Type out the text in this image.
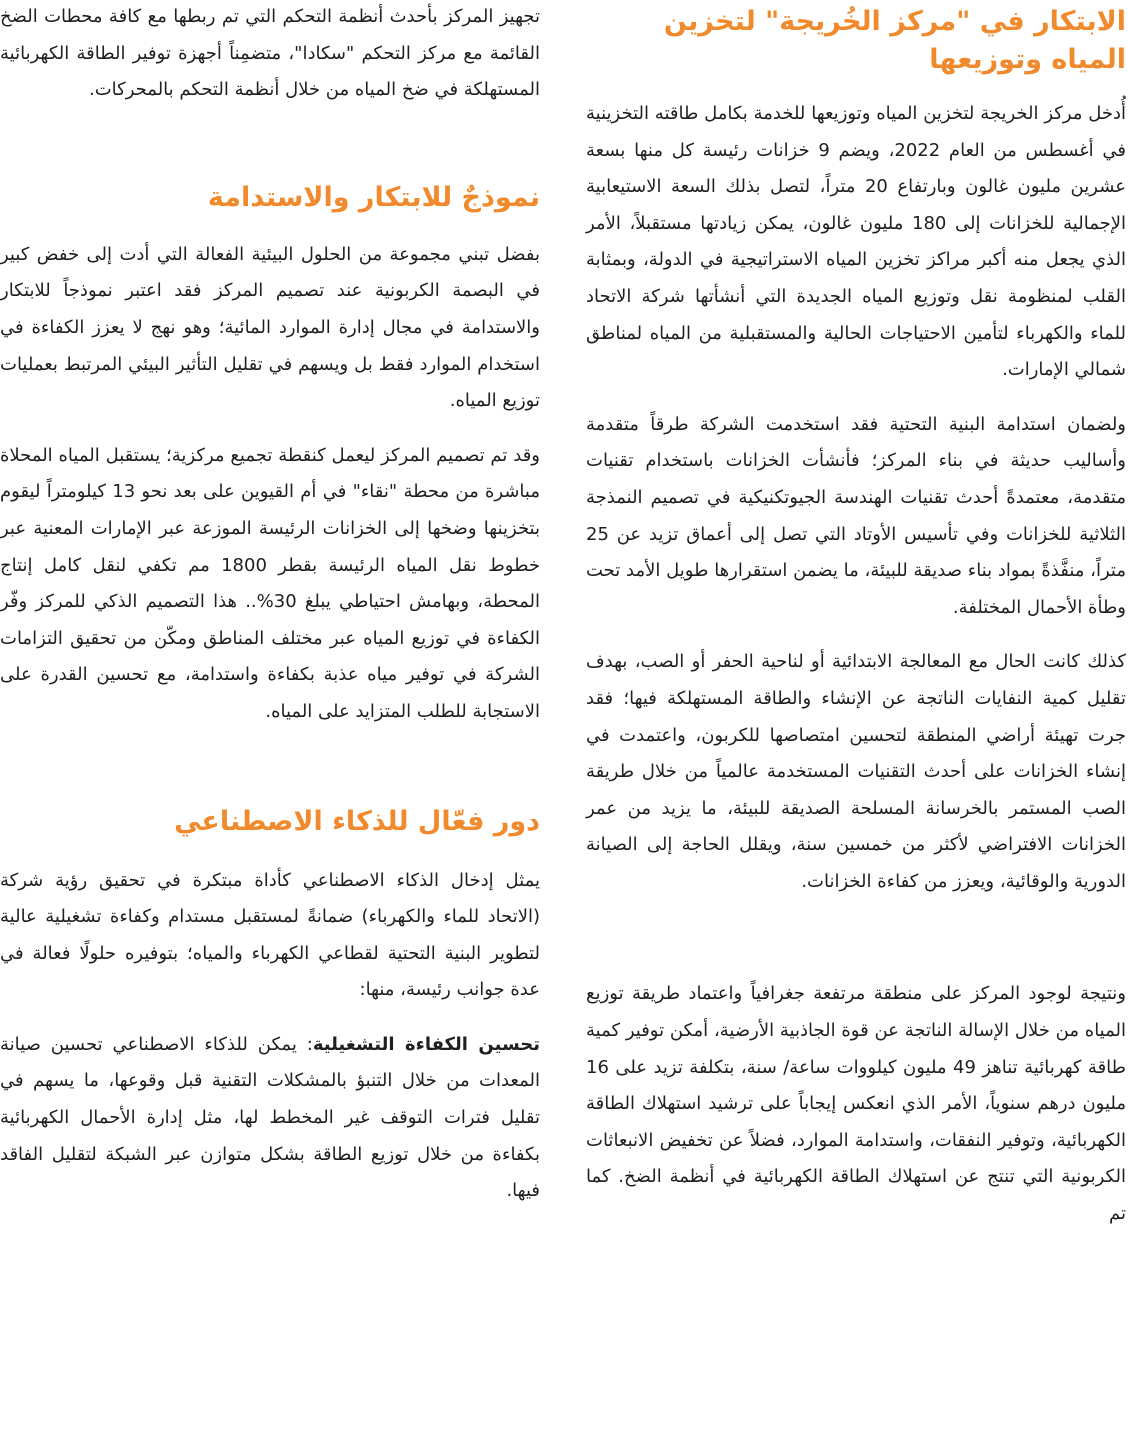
الابتكار في "مركز الخُريجة" لتخزين المياه وتوزيعها

أُدخل مركز الخريجة لتخزين المياه وتوزيعها للخدمة بكامل طاقته التخزينية في أغسطس من العام 2022، ويضم 9 خزانات رئيسة كل منها بسعة عشرين مليون غالون وبارتفاع 20 متراً، لتصل بذلك السعة الاستيعابية الإجمالية للخزانات إلى 180 مليون غالون، يمكن زيادتها مستقبلاً، الأمر الذي يجعل منه أكبر مراكز تخزين المياه الاستراتيجية في الدولة، وبمثابة القلب لمنظومة نقل وتوزيع المياه الجديدة التي أنشأتها شركة الاتحاد للماء والكهرباء لتأمين الاحتياجات الحالية والمستقبلية من المياه لمناطق شمالي الإمارات.

ولضمان استدامة البنية التحتية فقد استخدمت الشركة طرقاً متقدمة وأساليب حديثة في بناء المركز؛ فأنشأت الخزانات باستخدام تقنيات متقدمة، معتمدةً أحدث تقنيات الهندسة الجيوتكنيكية في تصميم النمذجة الثلاثية للخزانات وفي تأسيس الأوتاد التي تصل إلى أعماق تزيد عن 25 متراً، منفَّذةً بمواد بناء صديقة للبيئة، ما يضمن استقرارها طويل الأمد تحت وطأة الأحمال المختلفة.

كذلك كانت الحال مع المعالجة الابتدائية أو لناحية الحفر أو الصب، بهدف تقليل كمية النفايات الناتجة عن الإنشاء والطاقة المستهلكة فيها؛ فقد جرت تهيئة أراضي المنطقة لتحسين امتصاصها للكربون، واعتمدت في إنشاء الخزانات على أحدث التقنيات المستخدمة عالمياً من خلال طريقة الصب المستمر بالخرسانة المسلحة الصديقة للبيئة، ما يزيد من عمر الخزانات الافتراضي لأكثر من خمسين سنة، ويقلل الحاجة إلى الصيانة الدورية والوقائية، ويعزز من كفاءة الخزانات.

ونتيجة لوجود المركز على منطقة مرتفعة جغرافياً واعتماد طريقة توزيع المياه من خلال الإسالة الناتجة عن قوة الجاذبية الأرضية، أمكن توفير كمية طاقة كهربائية تناهز 49 مليون كيلووات ساعة/ سنة، بتكلفة تزيد على 16 مليون درهم سنوياً، الأمر الذي انعكس إيجاباً على ترشيد استهلاك الطاقة الكهربائية، وتوفير النفقات، واستدامة الموارد، فضلاً عن تخفيض الانبعاثات الكربونية التي تنتج عن استهلاك الطاقة الكهربائية في أنظمة الضخ. كما تم

تجهيز المركز بأحدث أنظمة التحكم التي تم ربطها مع كافة محطات الضخ القائمة مع مركز التحكم "سكادا"، متضمِناً أجهزة توفير الطاقة الكهربائية المستهلكة في ضخ المياه من خلال أنظمة التحكم بالمحركات.

نموذجٌ للابتكار والاستدامة

بفضل تبني مجموعة من الحلول البيئية الفعالة التي أدت إلى خفض كبير في البصمة الكربونية عند تصميم المركز فقد اعتبر نموذجاً للابتكار والاستدامة في مجال إدارة الموارد المائية؛ وهو نهج لا يعزز الكفاءة في استخدام الموارد فقط بل ويسهم في تقليل التأثير البيئي المرتبط بعمليات توزيع المياه.

وقد تم تصميم المركز ليعمل كنقطة تجميع مركزية؛ يستقبل المياه المحلاة مباشرة من محطة "نقاء" في أم القيوين على بعد نحو 13 كيلومتراً ليقوم بتخزينها وضخها إلى الخزانات الرئيسة الموزعة عبر الإمارات المعنية عبر خطوط نقل المياه الرئيسة بقطر 1800 مم تكفي لنقل كامل إنتاج المحطة، وبهامش احتياطي يبلغ 30%.. هذا التصميم الذكي للمركز وفّر الكفاءة في توزيع المياه عبر مختلف المناطق ومكّن من تحقيق التزامات الشركة في توفير مياه عذبة بكفاءة واستدامة، مع تحسين القدرة على الاستجابة للطلب المتزايد على المياه.

دور فعّال للذكاء الاصطناعي

يمثل إدخال الذكاء الاصطناعي كأداة مبتكرة في تحقيق رؤية شركة (الاتحاد للماء والكهرباء) ضمانةً لمستقبل مستدام وكفاءة تشغيلية عالية لتطوير البنية التحتية لقطاعي الكهرباء والمياه؛ بتوفيره حلولًا فعالة في عدة جوانب رئيسة، منها:

تحسين الكفاءة التشغيلية: يمكن للذكاء الاصطناعي تحسين صيانة المعدات من خلال التنبؤ بالمشكلات التقنية قبل وقوعها، ما يسهم في تقليل فترات التوقف غير المخطط لها، مثل إدارة الأحمال الكهربائية بكفاءة من خلال توزيع الطاقة بشكل متوازن عبر الشبكة لتقليل الفاقد فيها.
